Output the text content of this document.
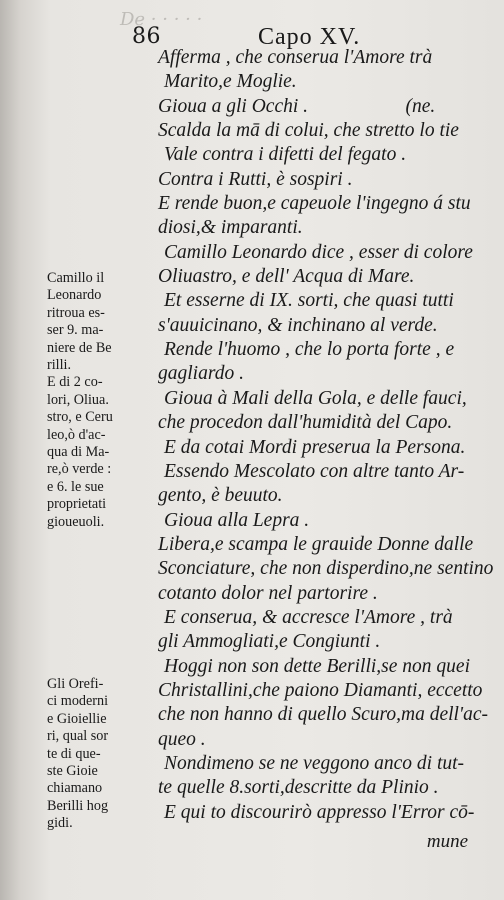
De · · · · ·
86	Capo XV.
Afferma , che conserua l'Amore trà
Marito,e Moglie.
Gioua a gli Occhi .                    (ne.
Scalda la mā di colui, che stretto lo tie
Vale contra i difetti del fegato .
Contra i Rutti, è sospiri .
E rende buon,e capeuole l'ingegno á stu
diosi,& imparanti.
Camillo Leonardo dice , esser di colore
Oliuastro, e dell' Acqua di Mare.
Et esserne di IX. sorti, che quasi tutti
s'auuicinano, & inchinano al verde.
Rende l'huomo , che lo porta forte , e
gagliardo .
Gioua à Mali della Gola, e delle fauci,
che procedon dall'humidità del Capo.
E da cotai Mordi preserua la Persona.
Essendo Mescolato con altre tanto Ar-
gento, è beuuto.
Gioua alla Lepra .
Libera,e scampa le grauide Donne dalle
Sconciature, che non disperdino,ne sentino
cotanto dolor nel partorire .
E conserua, & accresce l'Amore , trà
gli Ammogliati,e Congiunti .
Hoggi non son dette Berilli,se non quei
Christallini,che paiono Diamanti, eccetto
che non hanno di quello Scuro,ma dell'ac-
queo .
Nondimeno se ne veggono anco di tut-
te quelle 8.sorti,descritte da Plinio .
E qui to discourirò appresso l'Error cō-
mune
Camillo il
Leonardo
ritroua es-
ser 9. ma-
niere de Be
rilli.
E di 2 co-
lori, Oliua.
stro, e Ceru
leo,ò d'ac-
qua di Ma-
re,ò verde :
e 6. le sue
proprietati
gioueuoli.
Gli Orefi-
ci moderni
e Gioiellie
ri, qual sor
te di que-
ste Gioie
chiamano
Berilli hog
gidi.
